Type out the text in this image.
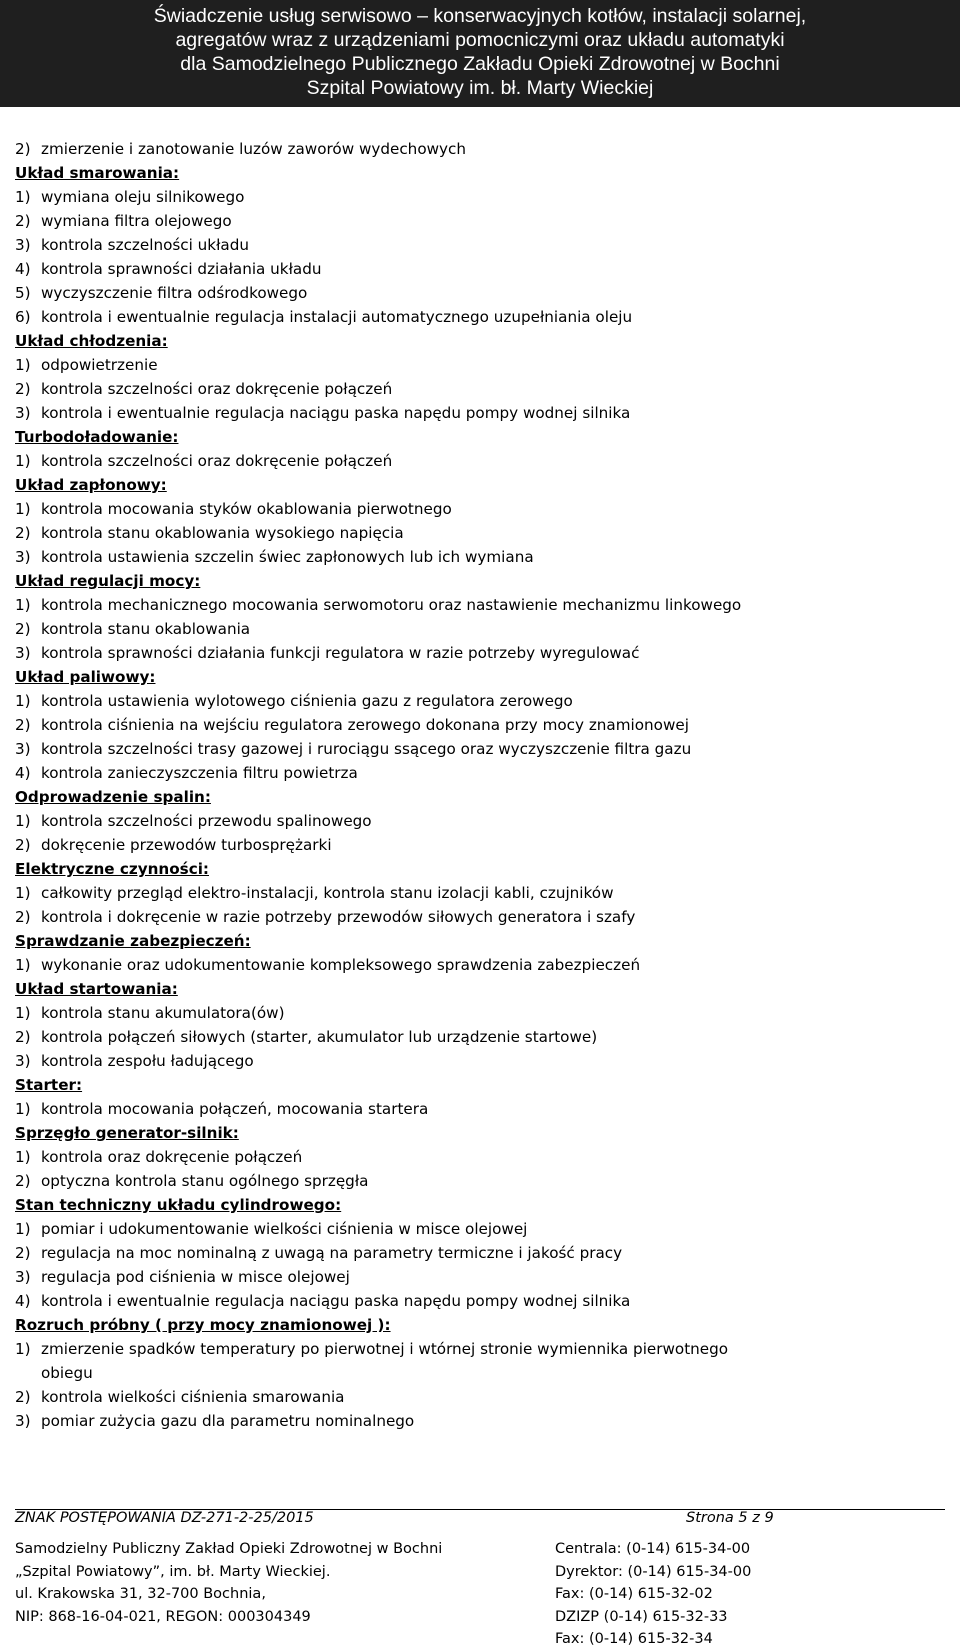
Świadczenie usług serwisowo – konserwacyjnych kotłów, instalacji solarnej,
agregatów wraz z urządzeniami pomocniczymi oraz układu automatyki
dla Samodzielnego Publicznego Zakładu Opieki Zdrowotnej w Bochni
Szpital Powiatowy im. bł. Marty Wieckiej
2) zmierzenie i zanotowanie luzów zaworów wydechowych
Układ smarowania:
1) wymiana oleju silnikowego
2) wymiana filtra olejowego
3) kontrola szczelności układu
4) kontrola sprawności działania układu
5) wyczyszczenie filtra odśrodkowego
6) kontrola i ewentualnie regulacja instalacji automatycznego uzupełniania oleju
Układ chłodzenia:
1) odpowietrzenie
2) kontrola szczelności oraz dokręcenie połączeń
3) kontrola i ewentualnie regulacja naciągu paska napędu pompy wodnej silnika
Turbodoładowanie:
1) kontrola szczelności oraz dokręcenie połączeń
Układ zapłonowy:
1) kontrola mocowania styków okablowania pierwotnego
2) kontrola stanu okablowania wysokiego napięcia
3) kontrola ustawienia szczelin świec zapłonowych lub ich wymiana
Układ regulacji mocy:
1) kontrola mechanicznego mocowania serwomotoru oraz nastawienie mechanizmu linkowego
2) kontrola stanu okablowania
3) kontrola sprawności działania funkcji regulatora w razie potrzeby wyregulować
Układ paliwowy:
1) kontrola ustawienia wylotowego ciśnienia gazu z regulatora zerowego
2) kontrola ciśnienia na wejściu regulatora zerowego dokonana przy mocy znamionowej
3) kontrola szczelności trasy gazowej i rurociągu ssącego oraz wyczyszczenie filtra gazu
4) kontrola zanieczyszczenia filtru powietrza
Odprowadzenie spalin:
1) kontrola szczelności przewodu spalinowego
2) dokręcenie przewodów turbosprężarki
Elektryczne czynności:
1) całkowity przegląd elektro-instalacji, kontrola stanu izolacji kabli, czujników
2) kontrola i dokręcenie w razie potrzeby przewodów siłowych generatora i szafy
Sprawdzanie zabezpieczeń:
1) wykonanie oraz udokumentowanie kompleksowego sprawdzenia zabezpieczeń
Układ startowania:
1) kontrola stanu akumulatora(ów)
2) kontrola połączeń siłowych (starter, akumulator lub urządzenie startowe)
3) kontrola zespołu ładującego
Starter:
1) kontrola mocowania połączeń, mocowania startera
Sprzęgło generator-silnik:
1) kontrola oraz dokręcenie połączeń
2) optyczna kontrola stanu ogólnego sprzęgła
Stan techniczny układu cylindrowego:
1) pomiar i udokumentowanie wielkości ciśnienia w misce olejowej
2) regulacja na moc nominalną z uwagą na parametry termiczne i jakość pracy
3) regulacja pod ciśnienia w misce olejowej
4) kontrola i ewentualnie regulacja naciągu paska napędu pompy wodnej silnika
Rozruch próbny ( przy mocy znamionowej ):
1) zmierzenie spadków temperatury po pierwotnej i wtórnej stronie wymiennika pierwotnego
obiegu
2) kontrola wielkości ciśnienia smarowania
3) pomiar zużycia gazu dla parametru nominalnego
ZNAK POSTĘPOWANIA DZ-271-2-25/2015	Strona 5 z 9
Samodzielny Publiczny Zakład Opieki Zdrowotnej w Bochni
„Szpital Powiatowy”, im. bł. Marty Wieckiej.
ul. Krakowska 31, 32-700 Bochnia,
NIP: 868-16-04-021, REGON: 000304349
Centrala: (0-14) 615-34-00
Dyrektor: (0-14) 615-34-00
Fax: (0-14) 615-32-02
DZIZP (0-14) 615-32-33
Fax: (0-14) 615-32-34
